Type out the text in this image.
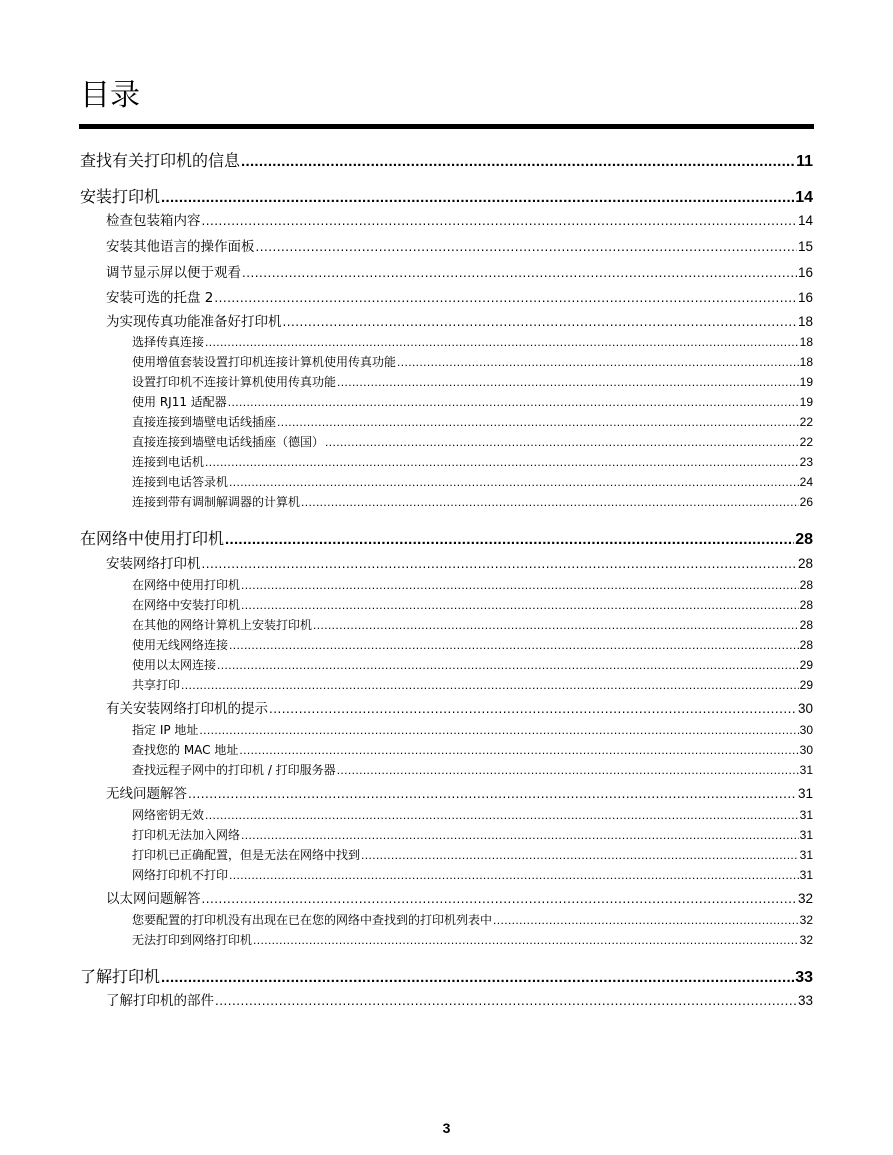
目录
查找有关打印机的信息 .....	11
安装打印机 .....	14
检查包装箱内容 .....	14
安装其他语言的操作面板 .....	15
调节显示屏以便于观看 .....	16
安装可选的托盘 2 .....	16
为实现传真功能准备好打印机 .....	18
选择传真连接 .....	18
使用增值套装设置打印机连接计算机使用传真功能 .....	18
设置打印机不连接计算机使用传真功能 .....	19
使用 RJ11 适配器 .....	19
直接连接到墙壁电话线插座 .....	22
直接连接到墙壁电话线插座（德国） .....	22
连接到电话机 .....	23
连接到电话答录机 .....	24
连接到带有调制解调器的计算机 .....	26
在网络中使用打印机 .....	28
安装网络打印机 .....	28
在网络中使用打印机 .....	28
在网络中安装打印机 .....	28
在其他的网络计算机上安装打印机 .....	28
使用无线网络连接 .....	28
使用以太网连接 .....	29
共享打印 .....	29
有关安装网络打印机的提示 .....	30
指定 IP 地址 .....	30
查找您的 MAC 地址 .....	30
查找远程子网中的打印机 / 打印服务器 .....	31
无线问题解答 .....	31
网络密钥无效 .....	31
打印机无法加入网络 .....	31
打印机已正确配置，但是无法在网络中找到 .....	31
网络打印机不打印 .....	31
以太网问题解答 .....	32
您要配置的打印机没有出现在已在您的网络中查找到的打印机列表中 .....	32
无法打印到网络打印机 .....	32
了解打印机 .....	33
了解打印机的部件 .....	33
3
